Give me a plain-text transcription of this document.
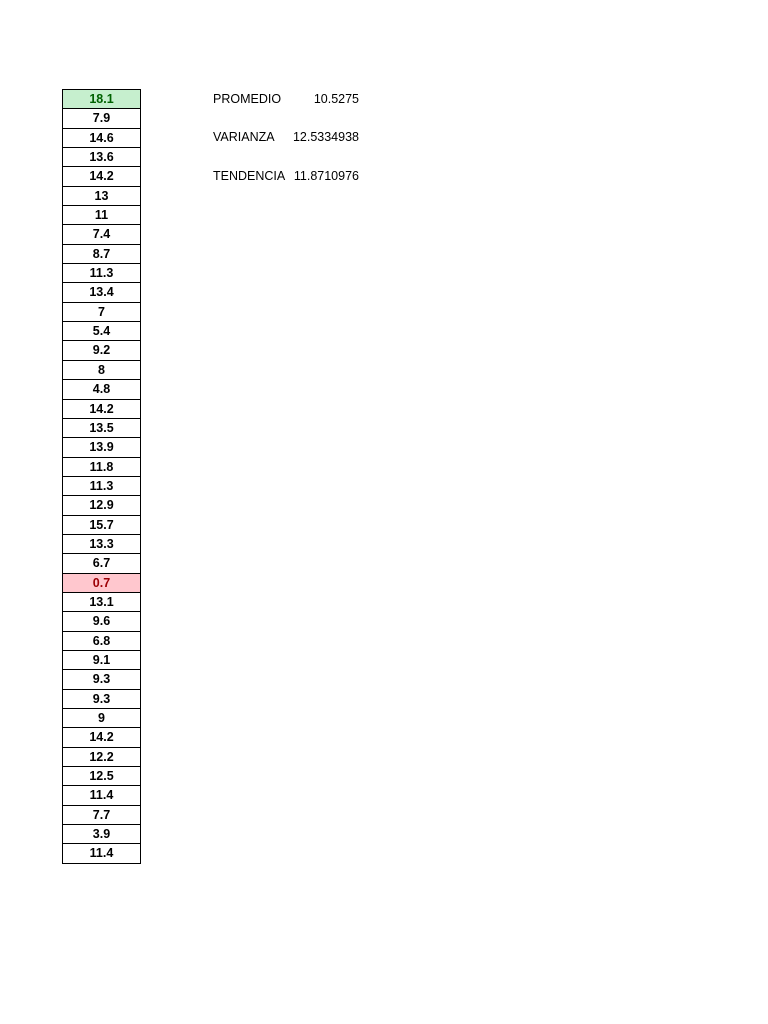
18.1
7.9
14.6
13.6
14.2
13
11
7.4
8.7
11.3
13.4
7
5.4
9.2
8
4.8
14.2
13.5
13.9
11.8
11.3
12.9
15.7
13.3
6.7
0.7
13.1
9.6
6.8
9.1
9.3
9.3
9
14.2
12.2
12.5
11.4
7.7
3.9
11.4
PROMEDIO	10.5275
VARIANZA 12.5334938
TENDENCIA 11.8710976
